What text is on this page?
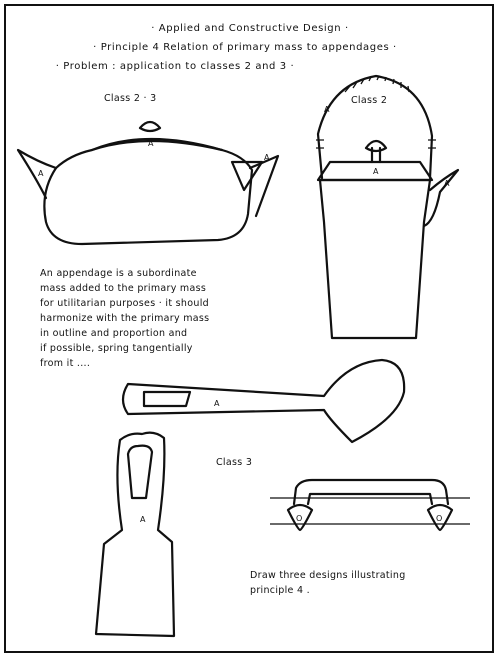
· Applied and Constructive Design ·
· Principle 4 Relation of primary mass to appendages ·
· Problem : application to classes 2 and 3 ·
Class 2 · 3	Class 2
Class 3
A
A
A
A
A
A
An appendage is a subordinate
mass added to the primary mass
for utilitarian purposes · it should
harmonize with the primary mass
in outline and proportion and
if possible, spring tangentially
from it ....
A
A	O	O
Draw three designs illustrating
principle 4 .
